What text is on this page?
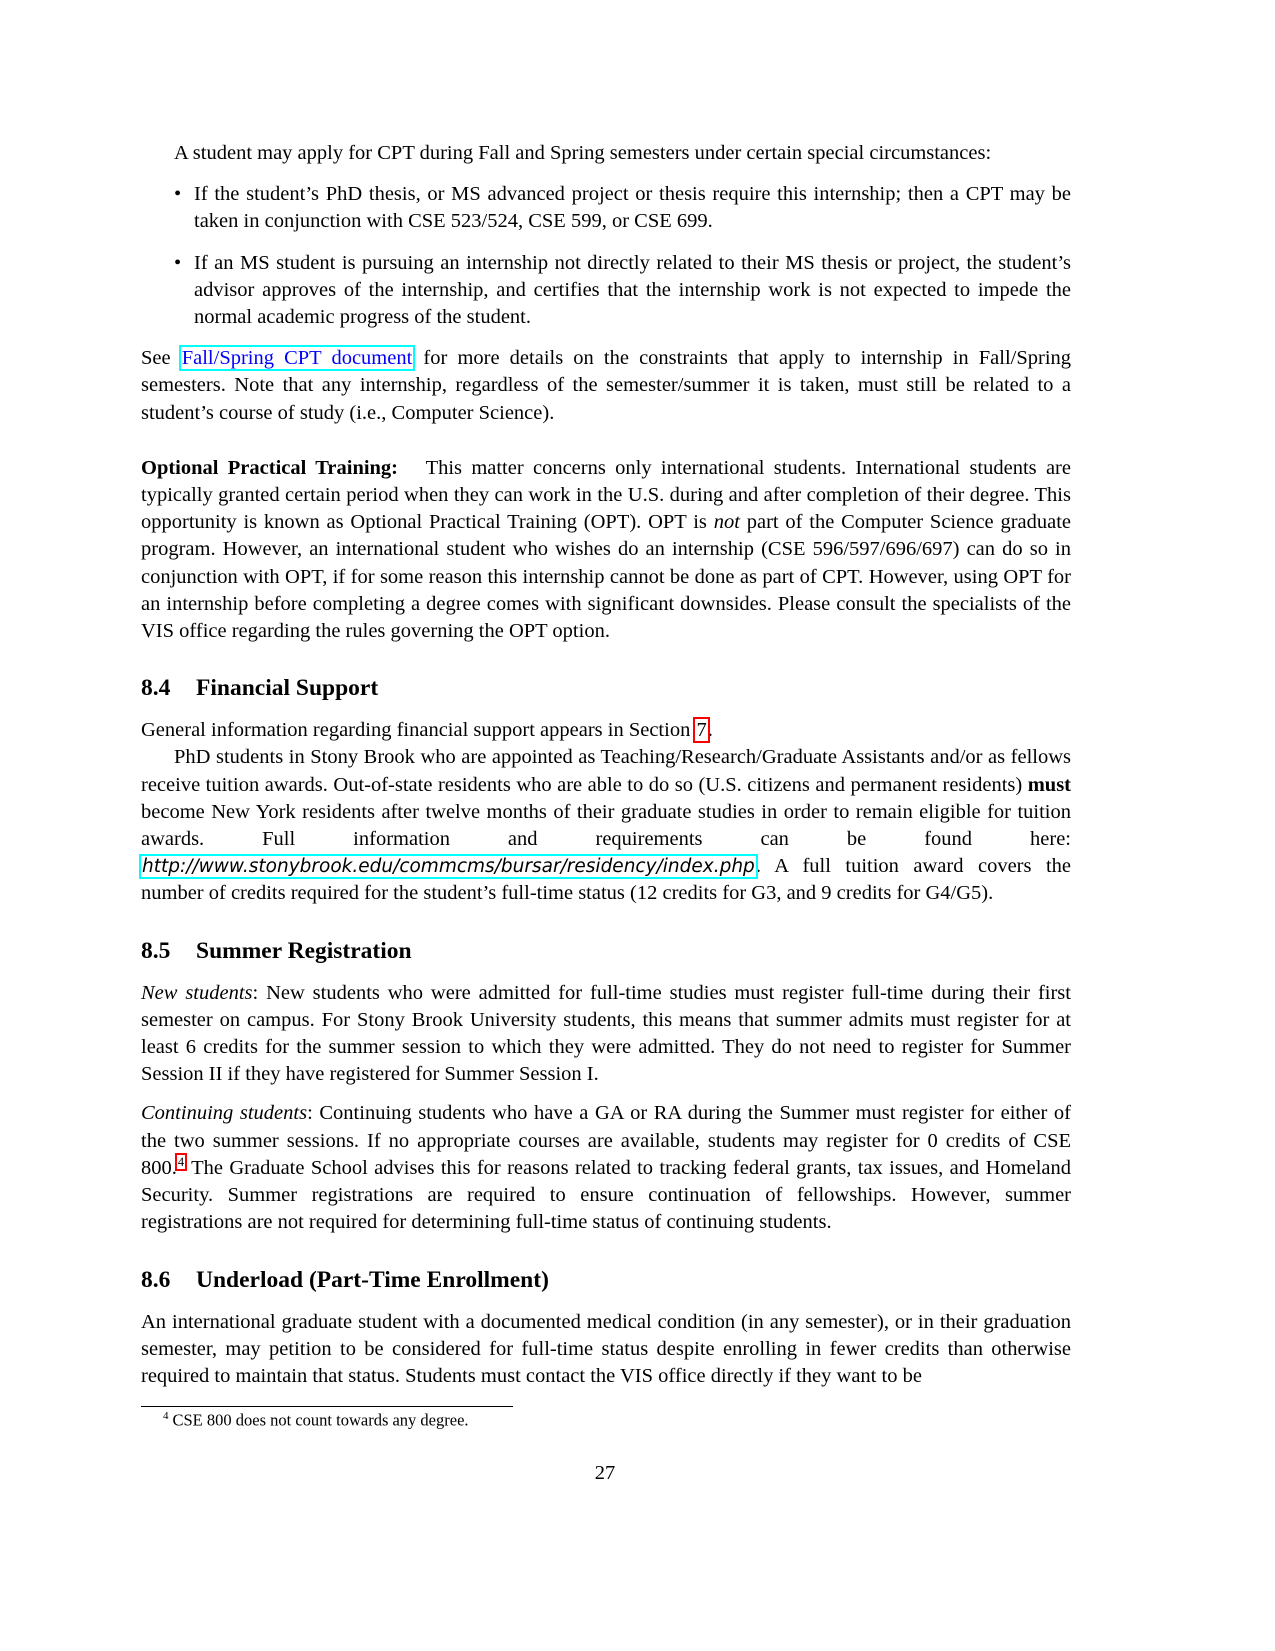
A student may apply for CPT during Fall and Spring semesters under certain special circumstances:

• If the student’s PhD thesis, or MS advanced project or thesis require this internship; then a CPT may be taken in conjunction with CSE 523/524, CSE 599, or CSE 699.
• If an MS student is pursuing an internship not directly related to their MS thesis or project, the student’s advisor approves of the internship, and certifies that the internship work is not expected to impede the normal academic progress of the student.

See Fall/Spring CPT document for more details on the constraints that apply to internship in Fall/Spring semesters. Note that any internship, regardless of the semester/summer it is taken, must still be related to a student’s course of study (i.e., Computer Science).

Optional Practical Training: This matter concerns only international students. International students are typically granted certain period when they can work in the U.S. during and after completion of their degree. This opportunity is known as Optional Practical Training (OPT). OPT is not part of the Computer Science graduate program. However, an international student who wishes do an internship (CSE 596/597/696/697) can do so in conjunction with OPT, if for some reason this internship cannot be done as part of CPT. However, using OPT for an internship before completing a degree comes with significant downsides. Please consult the specialists of the VIS office regarding the rules governing the OPT option.

8.4 Financial Support

General information regarding financial support appears in Section 7.

PhD students in Stony Brook who are appointed as Teaching/Research/Graduate Assistants and/or as fellows receive tuition awards. Out-of-state residents who are able to do so (U.S. citizens and permanent residents) must become New York residents after twelve months of their graduate studies in order to remain eligible for tuition awards. Full information and requirements can be found here: http://www.stonybrook.edu/commcms/bursar/residency/index.php. A full tuition award covers the number of credits required for the student’s full-time status (12 credits for G3, and 9 credits for G4/G5).

8.5 Summer Registration

New students: New students who were admitted for full-time studies must register full-time during their first semester on campus. For Stony Brook University students, this means that summer admits must register for at least 6 credits for the summer session to which they were admitted. They do not need to register for Summer Session II if they have registered for Summer Session I.

Continuing students: Continuing students who have a GA or RA during the Summer must register for either of the two summer sessions. If no appropriate courses are available, students may register for 0 credits of CSE 800.$^4$ The Graduate School advises this for reasons related to tracking federal grants, tax issues, and Homeland Security. Summer registrations are required to ensure continuation of fellowships. However, summer registrations are not required for determining full-time status of continuing students.

8.6 Underload (Part-Time Enrollment)

An international graduate student with a documented medical condition (in any semester), or in their graduation semester, may petition to be considered for full-time status despite enrolling in fewer credits than otherwise required to maintain that status. Students must contact the VIS office directly if they want to be

$^4$ CSE 800 does not count towards any degree.
27
